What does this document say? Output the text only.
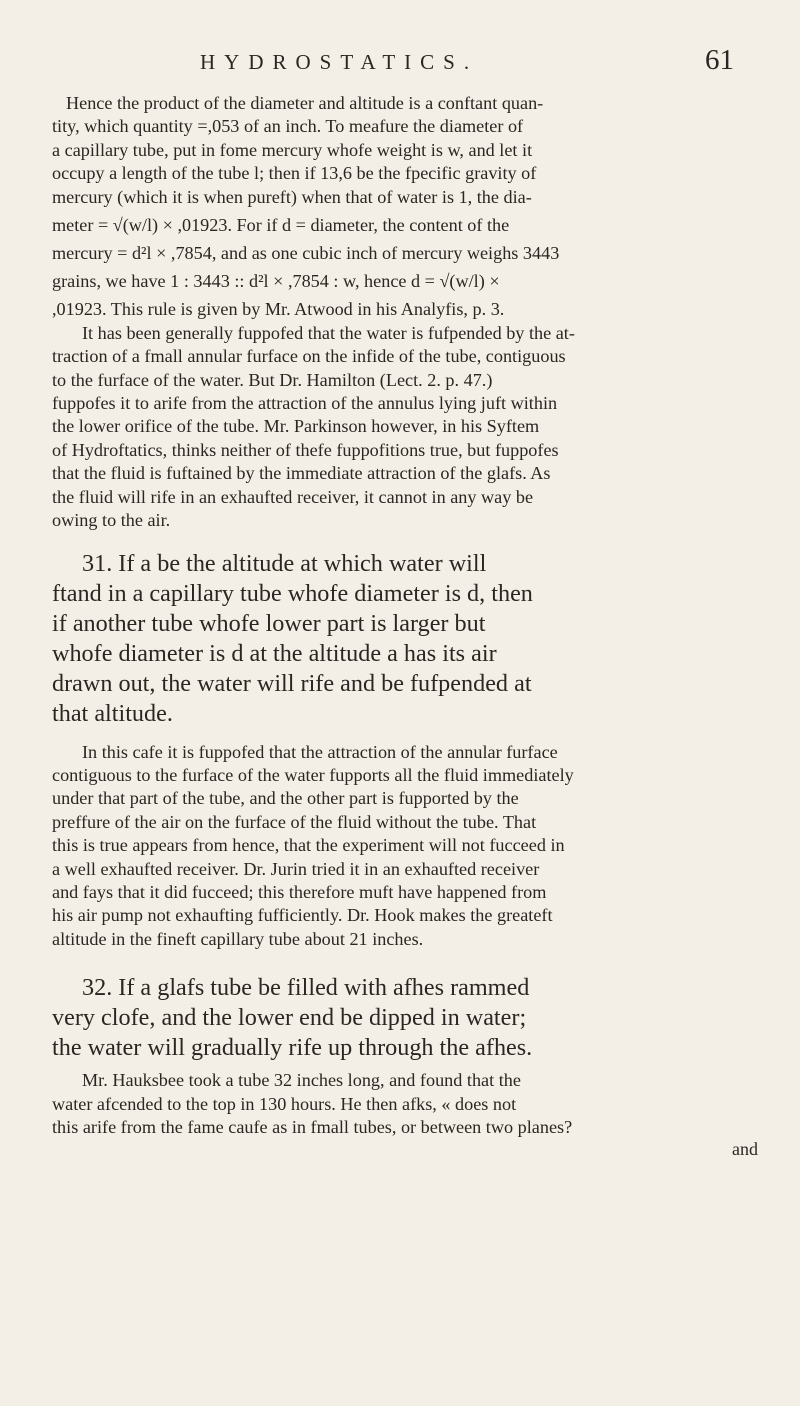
HYDROSTATICS.	61

Hence the product of the diameter and altitude is a conftant quan-
tity, which quantity =,053 of an inch. To meafure the diameter of
a capillary tube, put in fome mercury whofe weight is w, and let it
occupy a length of the tube l; then if 13,6 be the fpecific gravity of
mercury (which it is when pureft) when that of water is 1, the dia-
meter = √(w/l) × ,01923. For if d = diameter, the content of the
mercury = d²l × ,7854, and as one cubic inch of mercury weighs 3443
grains, we have 1 : 3443 :: d²l × ,7854 : w, hence d = √(w/l) ×
,01923. This rule is given by Mr. Atwood in his Analyfis, p. 3.

It has been generally fuppofed that the water is fufpended by the at-
traction of a fmall annular furface on the infide of the tube, contiguous
to the furface of the water. But Dr. Hamilton (Lect. 2. p. 47.)
fuppofes it to arife from the attraction of the annulus lying juft within
the lower orifice of the tube. Mr. Parkinson however, in his Syftem
of Hydroftatics, thinks neither of thefe fuppofitions true, but fuppofes
that the fluid is fuftained by the immediate attraction of the glafs. As
the fluid will rife in an exhaufted receiver, it cannot in any way be
owing to the air.

31. If a be the altitude at which water will
ftand in a capillary tube whofe diameter is d, then
if another tube whofe lower part is larger but
whofe diameter is d at the altitude a has its air
drawn out, the water will rife and be fufpended at
that altitude.

In this cafe it is fuppofed that the attraction of the annular furface
contiguous to the furface of the water fupports all the fluid immediately
under that part of the tube, and the other part is fupported by the
preffure of the air on the furface of the fluid without the tube. That
this is true appears from hence, that the experiment will not fucceed in
a well exhaufted receiver. Dr. Jurin tried it in an exhaufted receiver
and fays that it did fucceed; this therefore muft have happened from
his air pump not exhaufting fufficiently. Dr. Hook makes the greateft
altitude in the fineft capillary tube about 21 inches.

32. If a glafs tube be filled with afhes rammed
very clofe, and the lower end be dipped in water;
the water will gradually rife up through the afhes.

Mr. Hauksbee took a tube 32 inches long, and found that the
water afcended to the top in 130 hours. He then afks, « does not
this arife from the fame caufe as in fmall tubes, or between two planes?

and
